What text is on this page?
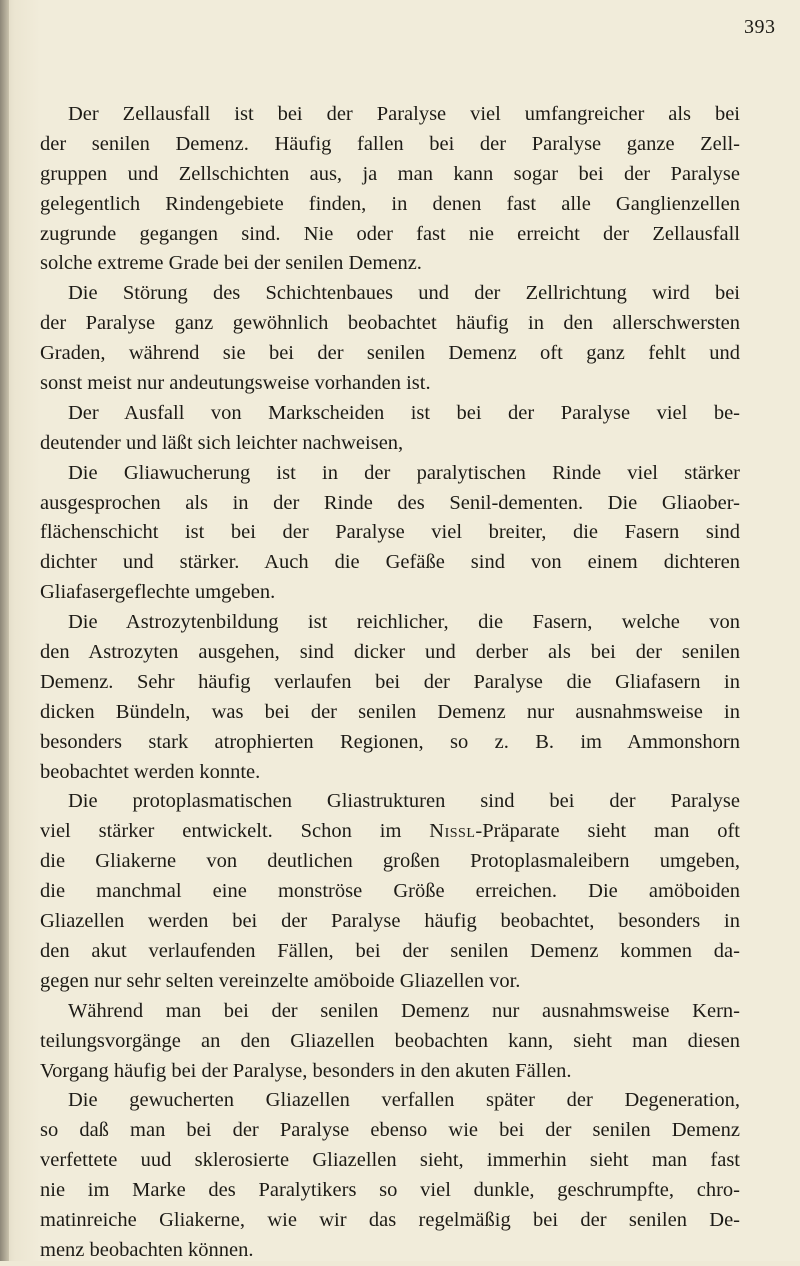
393
Der Zellausfall ist bei der Paralyse viel umfangreicher als bei
der senilen Demenz. Häufig fallen bei der Paralyse ganze Zell-
gruppen und Zellschichten aus, ja man kann sogar bei der Paralyse
gelegentlich Rindengebiete finden, in denen fast alle Ganglienzellen
zugrunde gegangen sind. Nie oder fast nie erreicht der Zellausfall
solche extreme Grade bei der senilen Demenz.
Die Störung des Schichtenbaues und der Zellrichtung wird bei
der Paralyse ganz gewöhnlich beobachtet häufig in den allerschwersten
Graden, während sie bei der senilen Demenz oft ganz fehlt und
sonst meist nur andeutungsweise vorhanden ist.
Der Ausfall von Markscheiden ist bei der Paralyse viel be-
deutender und läßt sich leichter nachweisen,
Die Gliawucherung ist in der paralytischen Rinde viel stärker
ausgesprochen als in der Rinde des Senil-dementen. Die Gliaober-
flächenschicht ist bei der Paralyse viel breiter, die Fasern sind
dichter und stärker. Auch die Gefäße sind von einem dichteren
Gliafasergeflechte umgeben.
Die Astrozytenbildung ist reichlicher, die Fasern, welche von
den Astrozyten ausgehen, sind dicker und derber als bei der senilen
Demenz. Sehr häufig verlaufen bei der Paralyse die Gliafasern in
dicken Bündeln, was bei der senilen Demenz nur ausnahmsweise in
besonders stark atrophierten Regionen, so z. B. im Ammonshorn
beobachtet werden konnte.
Die protoplasmatischen Gliastrukturen sind bei der Paralyse
viel stärker entwickelt. Schon im Nissl-Präparate sieht man oft
die Gliakerne von deutlichen großen Protoplasmaleibern umgeben,
die manchmal eine monströse Größe erreichen. Die amöboiden
Gliazellen werden bei der Paralyse häufig beobachtet, besonders in
den akut verlaufenden Fällen, bei der senilen Demenz kommen da-
gegen nur sehr selten vereinzelte amöboide Gliazellen vor.
Während man bei der senilen Demenz nur ausnahmsweise Kern-
teilungsvorgänge an den Gliazellen beobachten kann, sieht man diesen
Vorgang häufig bei der Paralyse, besonders in den akuten Fällen.
Die gewucherten Gliazellen verfallen später der Degeneration,
so daß man bei der Paralyse ebenso wie bei der senilen Demenz
verfettete uud sklerosierte Gliazellen sieht, immerhin sieht man fast
nie im Marke des Paralytikers so viel dunkle, geschrumpfte, chro-
matinreiche Gliakerne, wie wir das regelmäßig bei der senilen De-
menz beobachten können.
